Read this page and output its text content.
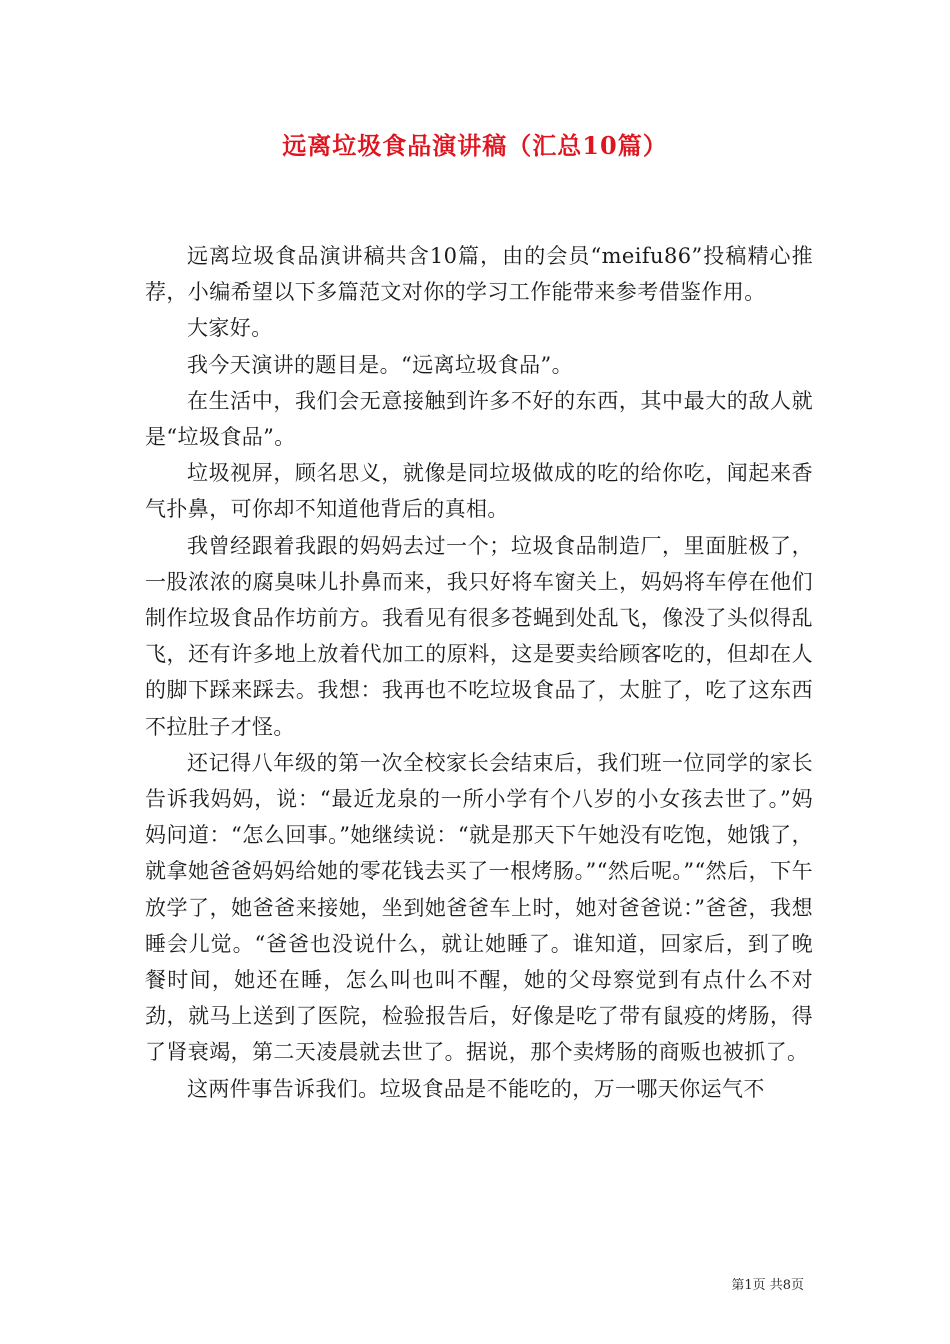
远离垃圾食品演讲稿（汇总10篇）

远离垃圾食品演讲稿共含10篇，由的会员“meifu86”投稿精心推荐，小编希望以下多篇范文对你的学习工作能带来参考借鉴作用。

大家好。

我今天演讲的题目是。“远离垃圾食品”。

在生活中，我们会无意接触到许多不好的东西，其中最大的敌人就是“垃圾食品”。

垃圾视屏，顾名思义，就像是同垃圾做成的吃的给你吃，闻起来香气扑鼻，可你却不知道他背后的真相。

我曾经跟着我跟的妈妈去过一个；垃圾食品制造厂，里面脏极了，一股浓浓的腐臭味儿扑鼻而来，我只好将车窗关上，妈妈将车停在他们制作垃圾食品作坊前方。我看见有很多苍蝇到处乱飞，像没了头似得乱飞，还有许多地上放着代加工的原料，这是要卖给顾客吃的，但却在人的脚下踩来踩去。我想：我再也不吃垃圾食品了，太脏了，吃了这东西不拉肚子才怪。

还记得八年级的第一次全校家长会结束后，我们班一位同学的家长告诉我妈妈，说：“最近龙泉的一所小学有个八岁的小女孩去世了。”妈妈问道：“怎么回事。”她继续说：“就是那天下午她没有吃饱，她饿了，就拿她爸爸妈妈给她的零花钱去买了一根烤肠。”“然后呢。”“然后，下午放学了，她爸爸来接她，坐到她爸爸车上时，她对爸爸说：”爸爸，我想睡会儿觉。“爸爸也没说什么，就让她睡了。谁知道，回家后，到了晚餐时间，她还在睡，怎么叫也叫不醒，她的父母察觉到有点什么不对劲，就马上送到了医院，检验报告后，好像是吃了带有鼠疫的烤肠，得了肾衰竭，第二天凌晨就去世了。据说，那个卖烤肠的商贩也被抓了。

这两件事告诉我们。垃圾食品是不能吃的，万一哪天你运气不

第1页 共8页
